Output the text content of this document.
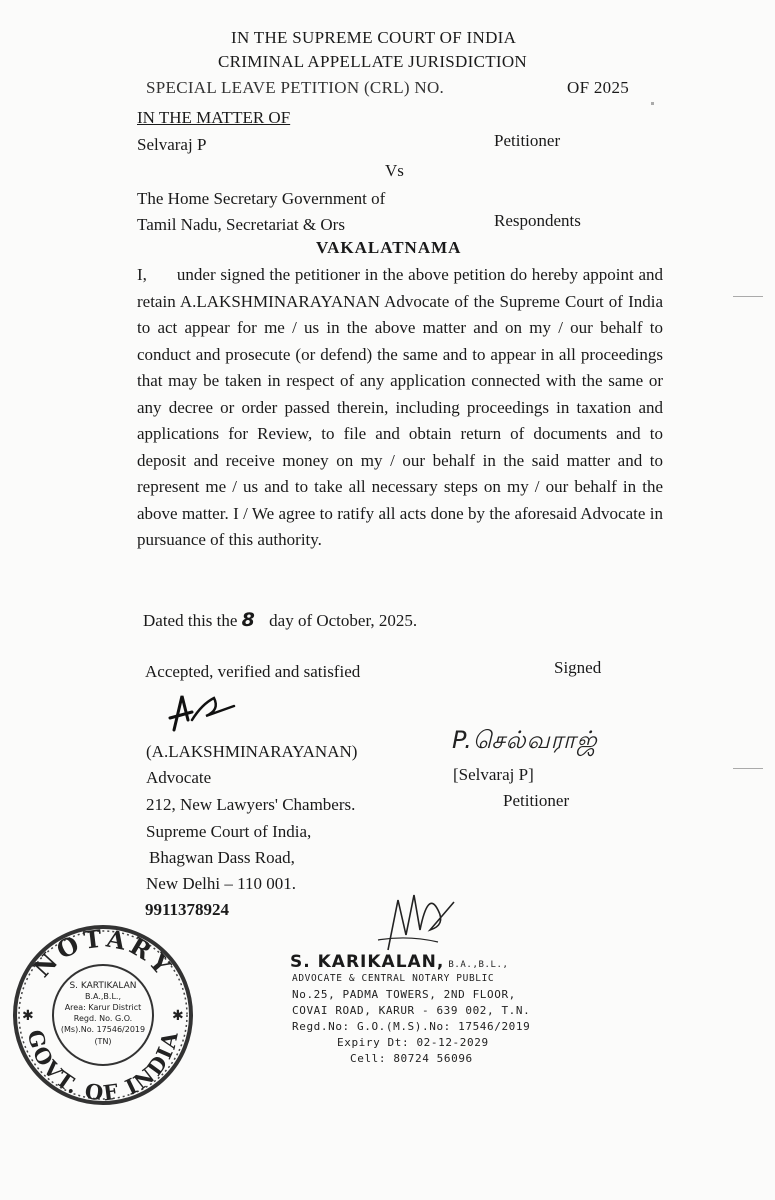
IN THE SUPREME COURT OF INDIA
CRIMINAL APPELLATE JURISDICTION
SPECIAL LEAVE PETITION (CRL) NO.	OF 2025
IN THE MATTER OF
Selvaraj P	Petitioner
Vs
The Home Secretary Government of
Tamil Nadu, Secretariat & Ors	Respondents
VAKALATNAMA

I, under signed the petitioner in the above petition do hereby appoint and retain A.LAKSHMINARAYANAN Advocate of the Supreme Court of India to act appear for me / us in the above matter and on my / our behalf to conduct and prosecute (or defend) the same and to appear in all proceedings that may be taken in respect of any application connected with the same or any decree or order passed therein, including proceedings in taxation and applications for Review, to file and obtain return of documents and to deposit and receive money on my / our behalf in the said matter and to represent me / us and to take all necessary steps on my / our behalf in the above matter. I / We agree to ratify all acts done by the aforesaid Advocate in pursuance of this authority.

Dated this the 8 day of October, 2025.
Accepted, verified and satisfied	Signed
(A.LAKSHMINARAYANAN)
Advocate
212, New Lawyers' Chambers.
Supreme Court of India,
Bhagwan Dass Road,
New Delhi – 110 001.
9911378924
P.செல்வராஜ்
[Selvaraj P]
Petitioner
NOTARY
GOVT. OF INDIA
✱	✱
S. KARTIKALAN
B.A.,B.L.,
Area: Karur District
Regd. No. G.O.
(Ms).No. 17546/2019
(TN)
S. KARIKALAN, B.A.,B.L.,
ADVOCATE & CENTRAL NOTARY PUBLIC
No.25, PADMA TOWERS, 2ND FLOOR,
COVAI ROAD, KARUR - 639 002, T.N.
Regd.No: G.O.(M.S).No: 17546/2019
Expiry Dt: 02-12-2029
Cell: 80724 56096
